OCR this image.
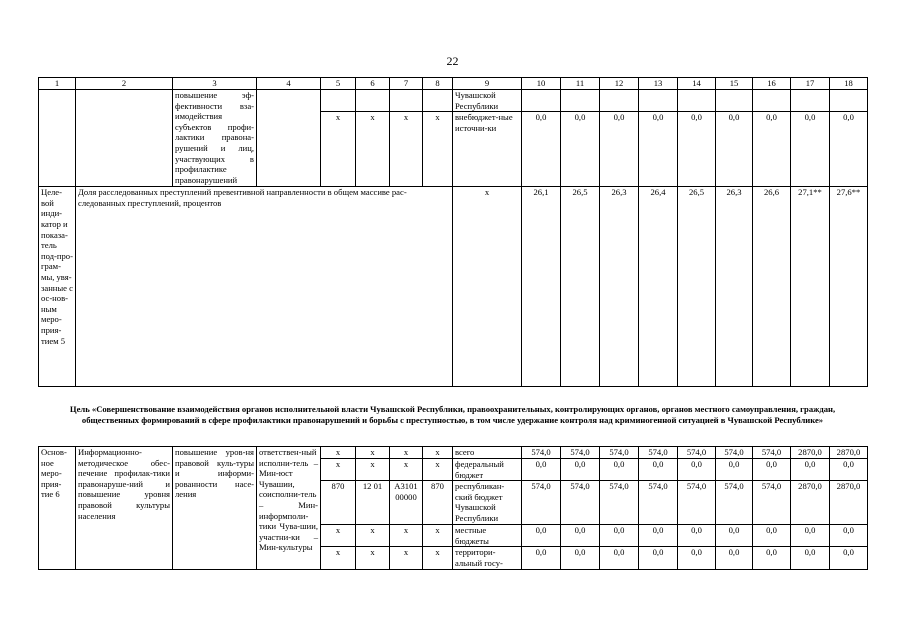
22
1	2	3	4	5	6	7	8	9	10	11	12	13	14	15	16	17	18
		повышение эф-фективности вза-имодействия субъектов профи-лактики правона-рушений и лиц, участвующих в профилактике правонарушений						Чувашской Республики									
				x	x	x	x	внебюджет-ные источни-ки	0,0	0,0	0,0	0,0	0,0	0,0	0,0	0,0	0,0
Целе-вой инди-катор и показа-тель под-про-грам-мы, увя-занные с ос-нов-ным меро-прия-тием 5	Доля расследованных преступлений превентивной направленности в общем массиве рас-следованных преступлений, процентов							x	26,1	26,5	26,3	26,4	26,5	26,3	26,6	27,1**	27,6**
Цель «Совершенствование взаимодействия органов исполнительной власти Чувашской Республики, правоохранительных, контролирующих органов, органов местного самоуправления, граждан, общественных формирований в сфере профилактики правонарушений и борьбы с преступностью, в том числе удержание контроля над криминогенной ситуацией в Чувашской Республике»
Основ-ное меро-прия-тие 6	Информационно-методическое обес-печение профилак-тики правонаруше-ний и повышение уровня правовой культуры населения	повышение уров-ня правовой куль-туры и информи-рованности насе-ления	ответствен-ный исполни-тель – Мин-юст Чувашии, соисполни-тель – Мин-информпoли-тики Чува-шии, участни-ки – Мин-культуры	x	x	x	x	всего	574,0	574,0	574,0	574,0	574,0	574,0	574,0	2870,0	2870,0
				x	x	x	x	федеральный бюджет	0,0	0,0	0,0	0,0	0,0	0,0	0,0	0,0	0,0
				870	12 01	А3101 00000	870	республикан-ский бюджет Чувашской Республики	574,0	574,0	574,0	574,0	574,0	574,0	574,0	2870,0	2870,0
				x	x	x	x	местные бюджеты	0,0	0,0	0,0	0,0	0,0	0,0	0,0	0,0	0,0
				x	x	x	x	территори-альный госу-	0,0	0,0	0,0	0,0	0,0	0,0	0,0	0,0	0,0
